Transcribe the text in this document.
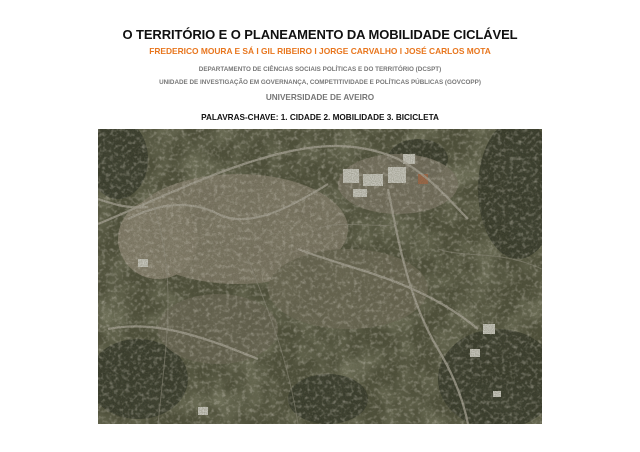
O TERRITÓRIO E O PLANEAMENTO DA MOBILIDADE CICLÁVEL
FREDERICO MOURA E SÁ I GIL RIBEIRO I JORGE CARVALHO I JOSÉ CARLOS MOTA
DEPARTAMENTO DE CIÊNCIAS SOCIAIS POLÍTICAS E DO TERRITÓRIO (DCSPT)
UNIDADE DE INVESTIGAÇÃO EM GOVERNANÇA, COMPETITIVIDADE E POLÍTICAS PÚBLICAS (GOVCOPP)
UNIVERSIDADE DE AVEIRO
PALAVRAS-CHAVE: 1. CIDADE 2. MOBILIDADE 3. BICICLETA
